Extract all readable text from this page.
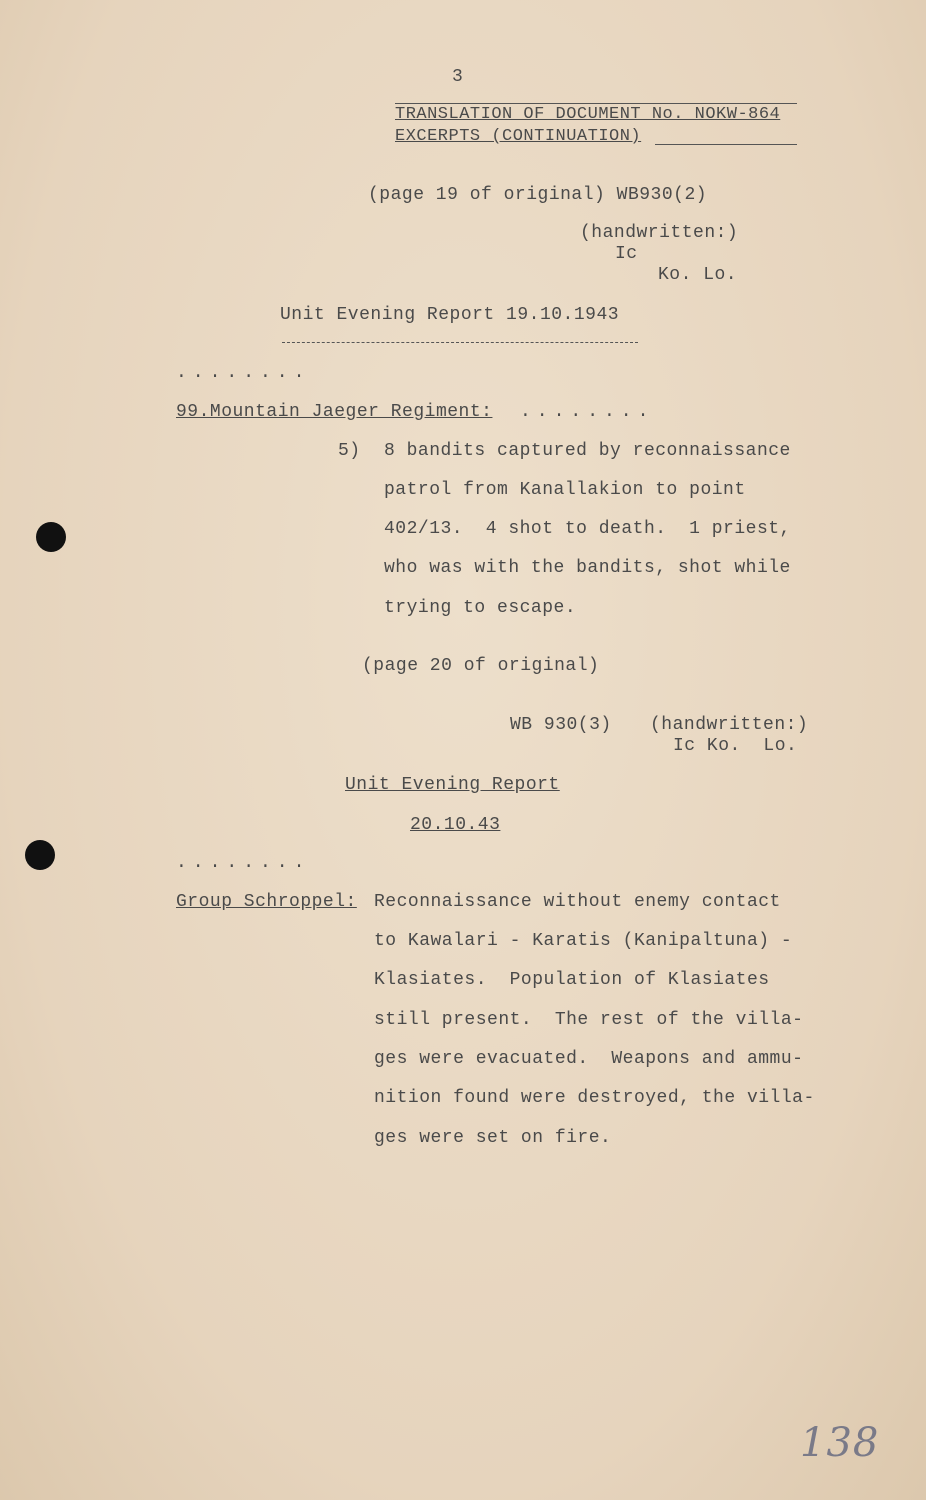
3
TRANSLATION OF DOCUMENT No. NOKW-864
EXCERPTS (CONTINUATION)
(page 19 of original) WB930(2)
(handwritten:)
Ic
Ko. Lo.
Unit Evening Report 19.10.1943
........
99.Mountain Jaeger Regiment: ........
5) 8 bandits captured by reconnaissance
patrol from Kanallakion to point
402/13.  4 shot to death.  1 priest,
who was with the bandits, shot while
trying to escape.
(page 20 of original)
WB 930(3) (handwritten:)
Ic Ko.  Lo.
Unit Evening Report
20.10.43
........
Group Schroppel: Reconnaissance without enemy contact
to Kawalari - Karatis (Kanipaltuna) -
Klasiates.  Population of Klasiates
still present.  The rest of the villa-
ges were evacuated.  Weapons and ammu-
nition found were destroyed, the villa-
ges were set on fire.
138
